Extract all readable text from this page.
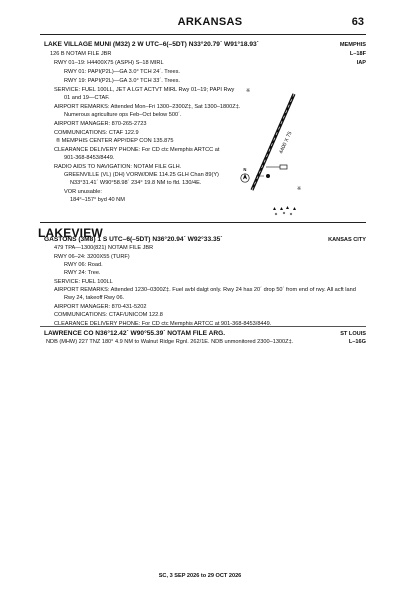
ARKANSAS	63
LAKE VILLAGE MUNI (M32) 2 W UTC–6(–5DT) N33°20.79´ W91°18.93´
126 B NOTAM FILE JBR
MEMPHIS
L–18F
IAP
RWY 01–19: H4400X75 (ASPH) S–18 MIRL
RWY 01: PAPI(P2L)—GA 3.0° TCH 24´. Trees.
RWY 19: PAPI(P2L)—GA 3.0° TCH 33´. Trees.
SERVICE: FUEL 100LL, JET A LGT ACTVT MIRL Rwy 01–19; PAPI Rwy
01 and 19—CTAF.
AIRPORT REMARKS: Attended Mon–Fri 1300–2300Z‡, Sat 1300–1800Z‡.
Numerous agriculture ops Feb–Oct below 500´.
AIRPORT MANAGER: 870-265-2723
COMMUNICATIONS: CTAF 122.9
® MEMPHIS CENTER APP/DEP CON 135.875
CLEARANCE DELIVERY PHONE: For CD ctc Memphis ARTCC at
901-368-8453/8449.
RADIO AIDS TO NAVIGATION: NOTAM FILE GLH.
GREENVILLE (VL) (DH) VORW/DME 114.25 GLH Chan 89(Y)
N33°31.41´ W90°58.98´ 234° 19.8 NM to fld. 130/4E.
VOR unusable:
184°–157° byd 40 NM
※
※
N
4400 X 75
LAKEVIEW
GASTONS (3M8) 1 S UTC–6(–5DT) N36°20.94´ W92°33.35´	KANSAS CITY
479 TPA—1300(821) NOTAM FILE JBR
RWY 06–24: 3200X55 (TURF)
RWY 06: Road.
RWY 24: Tree.
SERVICE: FUEL 100LL
AIRPORT REMARKS: Attended 1230–0300Z‡. Fuel avbl dalgt only. Rwy 24 has 20´ drop 50´ from end of rwy. All acft land
Rwy 24, takeoff Rwy 06.
AIRPORT MANAGER: 870-431-5202
COMMUNICATIONS: CTAF/UNICOM 122.8
CLEARANCE DELIVERY PHONE: For CD ctc Memphis ARTCC at 901-368-8453/8449.
LAWRENCE CO N36°12.42´ W90°55.39´ NOTAM FILE ARG.	ST LOUIS
NDB (MHW) 227 TNZ 180° 4.9 NM to Walnut Ridge Rgnl. 262/1E. NDB unmonitored 2300–1300Z‡.	L–16G
SC, 3 SEP 2026 to 29 OCT 2026
